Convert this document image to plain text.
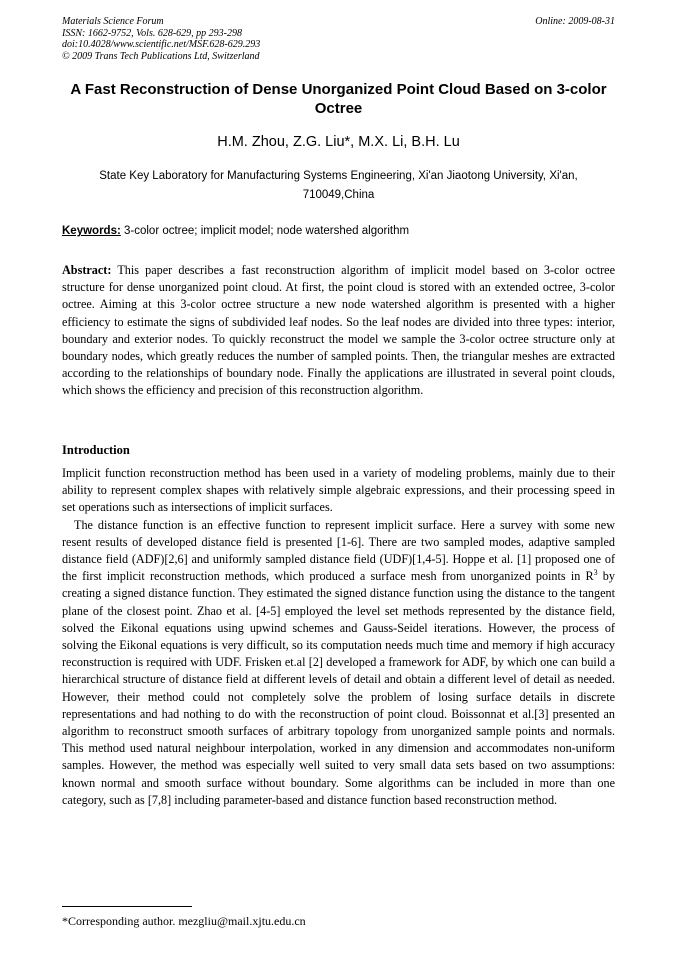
Materials Science Forum
ISSN: 1662-9752, Vols. 628-629, pp 293-298
doi:10.4028/www.scientific.net/MSF.628-629.293
© 2009 Trans Tech Publications Ltd, Switzerland
Online: 2009-08-31
A Fast Reconstruction of Dense Unorganized Point Cloud Based on 3-color Octree
H.M. Zhou, Z.G. Liu*, M.X. Li, B.H. Lu
State Key Laboratory for Manufacturing Systems Engineering, Xi'an Jiaotong University, Xi'an, 710049,China
Keywords: 3-color octree; implicit model; node watershed algorithm
Abstract: This paper describes a fast reconstruction algorithm of implicit model based on 3-color octree structure for dense unorganized point cloud. At first, the point cloud is stored with an extended octree, 3-color octree. Aiming at this 3-color octree structure a new node watershed algorithm is presented with a higher efficiency to estimate the signs of subdivided leaf nodes. So the leaf nodes are divided into three types: interior, boundary and exterior nodes. To quickly reconstruct the model we sample the 3-color octree structure only at boundary nodes, which greatly reduces the number of sampled points. Then, the triangular meshes are extracted according to the relationships of boundary node. Finally the applications are illustrated in several point clouds, which shows the efficiency and precision of this reconstruction algorithm.
Introduction

Implicit function reconstruction method has been used in a variety of modeling problems, mainly due to their ability to represent complex shapes with relatively simple algebraic expressions, and their processing speed in set operations such as intersections of implicit surfaces.

The distance function is an effective function to represent implicit surface. Here a survey with some new resent results of developed distance field is presented [1-6]. There are two sampled modes, adaptive sampled distance field (ADF)[2,6] and uniformly sampled distance field (UDF)[1,4-5]. Hoppe et al. [1] proposed one of the first implicit reconstruction methods, which produced a surface mesh from unorganized points in $R^3$ by creating a signed distance function. They estimated the signed distance function using the distance to the tangent plane of the closest point. Zhao et al. [4-5] employed the level set methods represented by the distance field, solved the Eikonal equations using upwind schemes and Gauss-Seidel iterations. However, the process of solving the Eikonal equations is very difficult, so its computation needs much time and memory if high accuracy reconstruction is required with UDF. Frisken et.al [2] developed a framework for ADF, by which one can build a hierarchical structure of distance field at different levels of detail and obtain a different level of detail as needed. However, their method could not completely solve the problem of losing surface details in discrete representations and had nothing to do with the reconstruction of point cloud. Boissonnat et al.[3] presented an algorithm to reconstruct smooth surfaces of arbitrary topology from unorganized sample points and normals. This method used natural neighbour interpolation, worked in any dimension and accommodates non-uniform samples. However, the method was especially well suited to very small data sets based on two assumptions: known normal and smooth surface without boundary. Some algorithms can be included in more than one category, such as [7,8] including parameter-based and distance function based reconstruction method.

*Corresponding author. mezgliu@mail.xjtu.edu.cn
